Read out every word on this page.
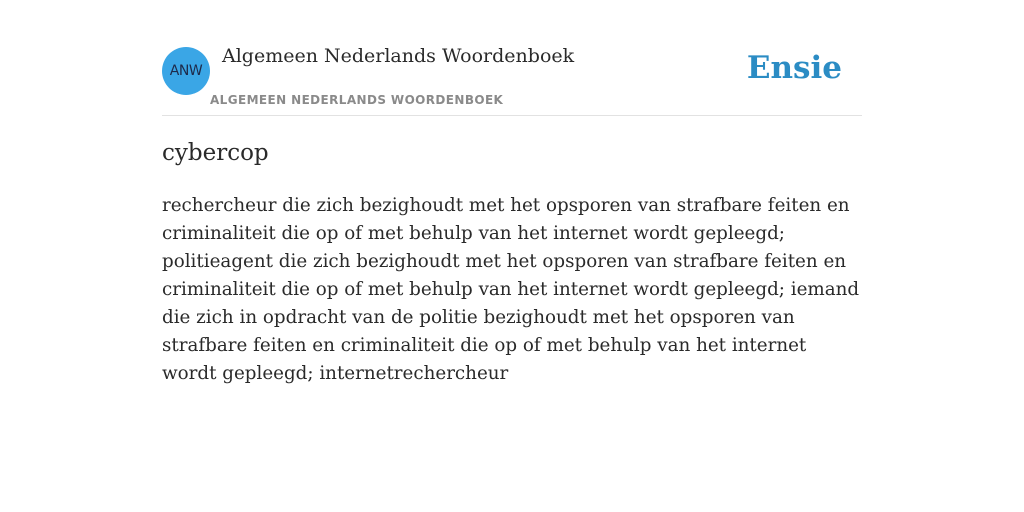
ANW
Algemeen Nederlands Woordenboek
ALGEMEEN NEDERLANDS WOORDENBOEK
Ensie
cybercop

rechercheur die zich bezighoudt met het opsporen van strafbare feiten en criminaliteit die op of met behulp van het internet wordt gepleegd; politieagent die zich bezighoudt met het opsporen van strafbare feiten en criminaliteit die op of met behulp van het internet wordt gepleegd; iemand die zich in opdracht van de politie bezighoudt met het opsporen van strafbare feiten en criminaliteit die op of met behulp van het internet wordt gepleegd; internetrechercheur
